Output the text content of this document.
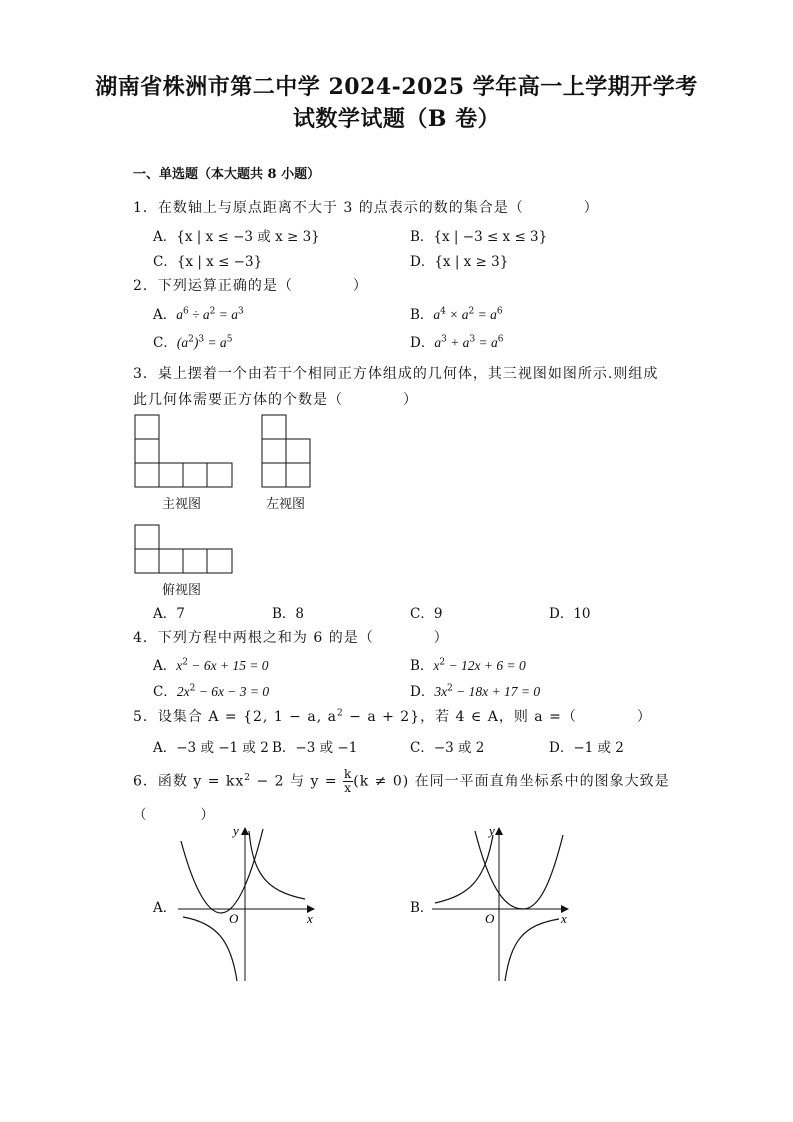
湖南省株洲市第二中学 2024-2025 学年高一上学期开学考
试数学试题（B 卷）
一、单选题（本大题共 8 小题）
1．在数轴上与原点距离不大于 3 的点表示的数的集合是（　　　　）
A．{x | x ≤ −3 或 x ≥ 3}	B．{x | −3 ≤ x ≤ 3}
C．{x | x ≤ −3}	D．{x | x ≥ 3}
2．下列运算正确的是（　　　　）
A．$a^6 \div a^2 = a^3$	B．$a^4 \times a^2 = a^6$
C．$(a^2)^3 = a^5$	D．$a^3 + a^3 = a^6$
3．桌上摆着一个由若干个相同正方体组成的几何体，其三视图如图所示.则组成
此几何体需要正方体的个数是（　　　　）
主视图	左视图
俯视图
A．7	B．8	C．9	D．10
4．下列方程中两根之和为 6 的是（　　　　）
A．$x^2 - 6x + 15 = 0$	B．$x^2 - 12x + 6 = 0$
C．$2x^2 - 6x - 3 = 0$	D．$3x^2 - 18x + 17 = 0$
5．设集合 A = {2, 1 − a, $a^2 - a + 2$}，若 4 ∈ A，则 a =（　　　　）
A．−3 或 −1 或 2 B．−3 或 −1	C．−3 或 2	D．−1 或 2
6．函数 $y = kx^2 - 2$ 与 $y = \frac{k}{x} (k \ne 0)$ 在同一平面直角坐标系中的图象大致是
（　　　　）
A．	B．
y
x
O
y
x
O
